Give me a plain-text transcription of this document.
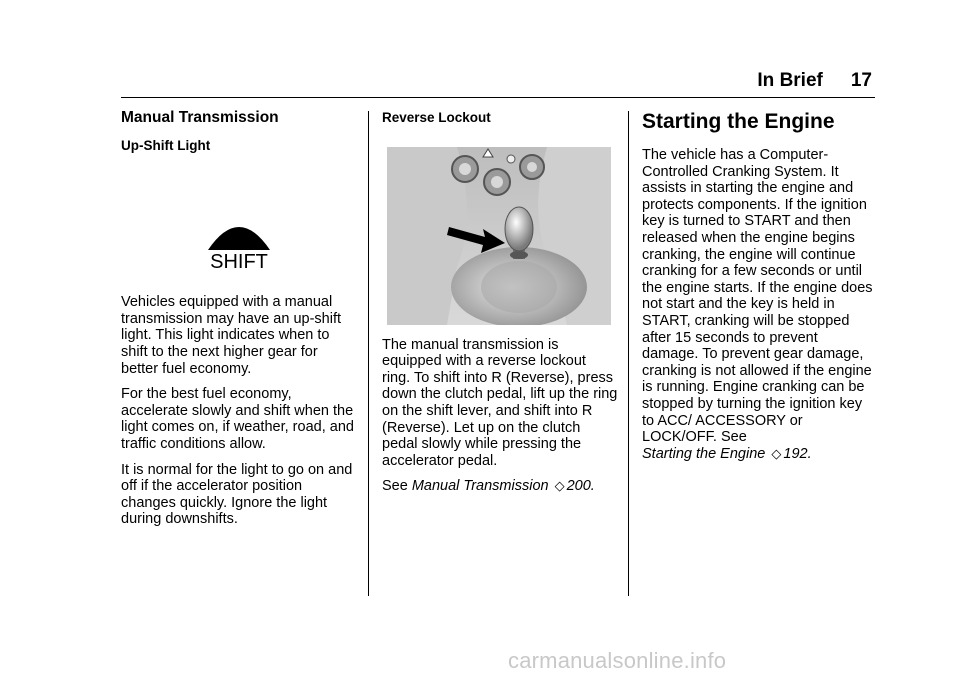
In Brief 17
Manual Transmission
Up-Shift Light
SHIFT

Vehicles equipped with a manual transmission may have an up-shift light. This light indicates when to shift to the next higher gear for better fuel economy.

For the best fuel economy, accelerate slowly and shift when the light comes on, if weather, road, and traffic conditions allow.

It is normal for the light to go on and off if the accelerator position changes quickly. Ignore the light during downshifts.

Reverse Lockout

The manual transmission is equipped with a reverse lockout ring. To shift into R (Reverse), press down the clutch pedal, lift up the ring on the shift lever, and shift into R (Reverse). Let up on the clutch pedal slowly while pressing the accelerator pedal.

See Manual Transmission ◇ 200.

Starting the Engine

The vehicle has a Computer-Controlled Cranking System. It assists in starting the engine and protects components. If the ignition key is turned to START and then released when the engine begins cranking, the engine will continue cranking for a few seconds or until the engine starts. If the engine does not start and the key is held in START, cranking will be stopped after 15 seconds to prevent damage. To prevent gear damage, cranking is not allowed if the engine is running. Engine cranking can be stopped by turning the ignition key to ACC/ ACCESSORY or LOCK/OFF. See
Starting the Engine ◇ 192.

carmanualsonline.info
